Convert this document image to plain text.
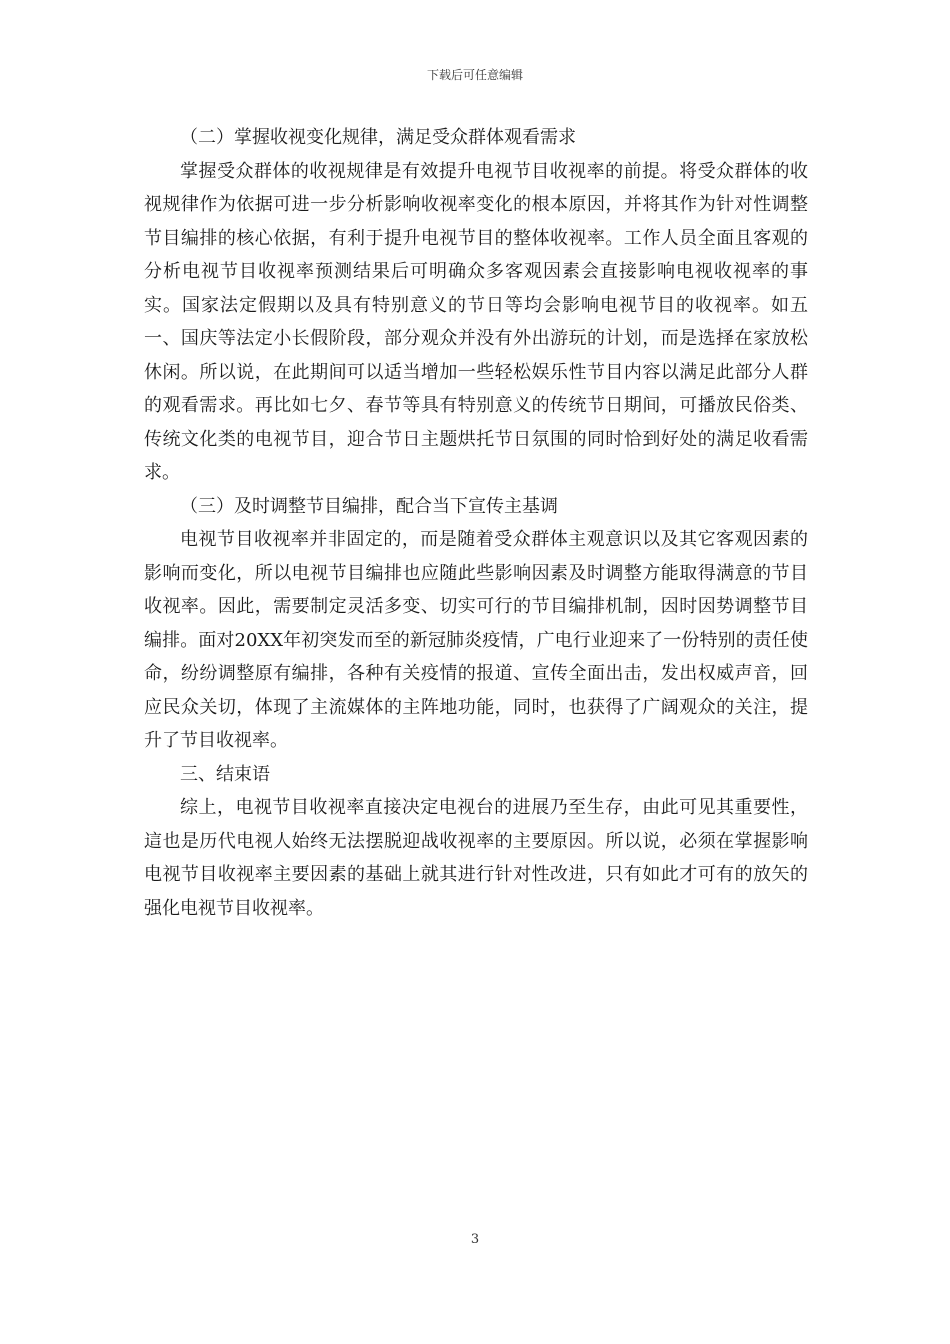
下载后可任意编辑

（二）掌握收视变化规律，满足受众群体观看需求

掌握受众群体的收视规律是有效提升电视节目收视率的前提。将受众群体的收视规律作为依据可进一步分析影响收视率变化的根本原因，并将其作为针对性调整节目编排的核心依据，有利于提升电视节目的整体收视率。工作人员全面且客观的分析电视节目收视率预测结果后可明确众多客观因素会直接影响电视收视率的事实。国家法定假期以及具有特别意义的节日等均会影响电视节目的收视率。如五一、国庆等法定小长假阶段，部分观众并没有外出游玩的计划，而是选择在家放松休闲。所以说，在此期间可以适当增加一些轻松娱乐性节目内容以满足此部分人群的观看需求。再比如七夕、春节等具有特别意义的传统节日期间，可播放民俗类、传统文化类的电视节目，迎合节日主题烘托节日氛围的同时恰到好处的满足收看需求。

（三）及时调整节目编排，配合当下宣传主基调

电视节目收视率并非固定的，而是随着受众群体主观意识以及其它客观因素的影响而变化，所以电视节目编排也应随此些影响因素及时调整方能取得满意的节目收视率。因此，需要制定灵活多变、切实可行的节目编排机制，因时因势调整节目编排。面对20XX年初突发而至的新冠肺炎疫情，广电行业迎来了一份特别的责任使命，纷纷调整原有编排，各种有关疫情的报道、宣传全面出击，发出权威声音，回应民众关切，体现了主流媒体的主阵地功能，同时，也获得了广阔观众的关注，提升了节目收视率。

三、结束语

综上，电视节目收视率直接决定电视台的进展乃至生存，由此可见其重要性，這也是历代电视人始终无法摆脱迎战收视率的主要原因。所以说，必须在掌握影响电视节目收视率主要因素的基础上就其进行针对性改进，只有如此才可有的放矢的强化电视节目收视率。

3
